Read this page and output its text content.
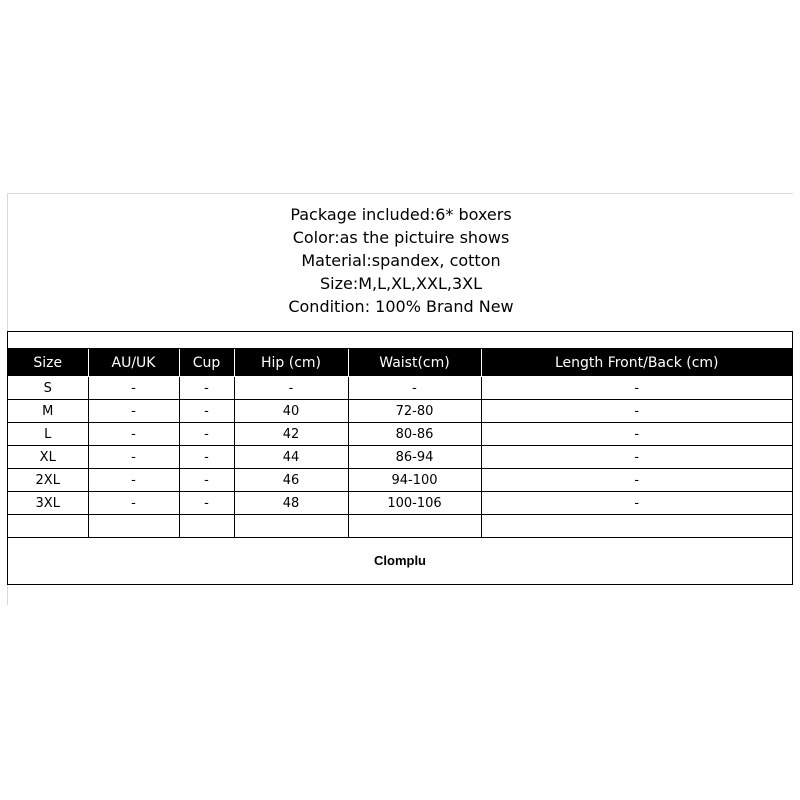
Package included:6* boxers
Color:as the pictuire shows
Material:spandex, cotton
Size:M,L,XL,XXL,3XL
Condition: 100% Brand New
Size	AU/UK	Cup	Hip (cm)	Waist(cm)	Length Front/Back (cm)
S	-	-	-	-	-
M	-	-	40	72-80	-
L	-	-	42	80-86	-
XL	-	-	44	86-94	-
2XL	-	-	46	94-100	-
3XL	-	-	48	100-106	-

Clomplu
